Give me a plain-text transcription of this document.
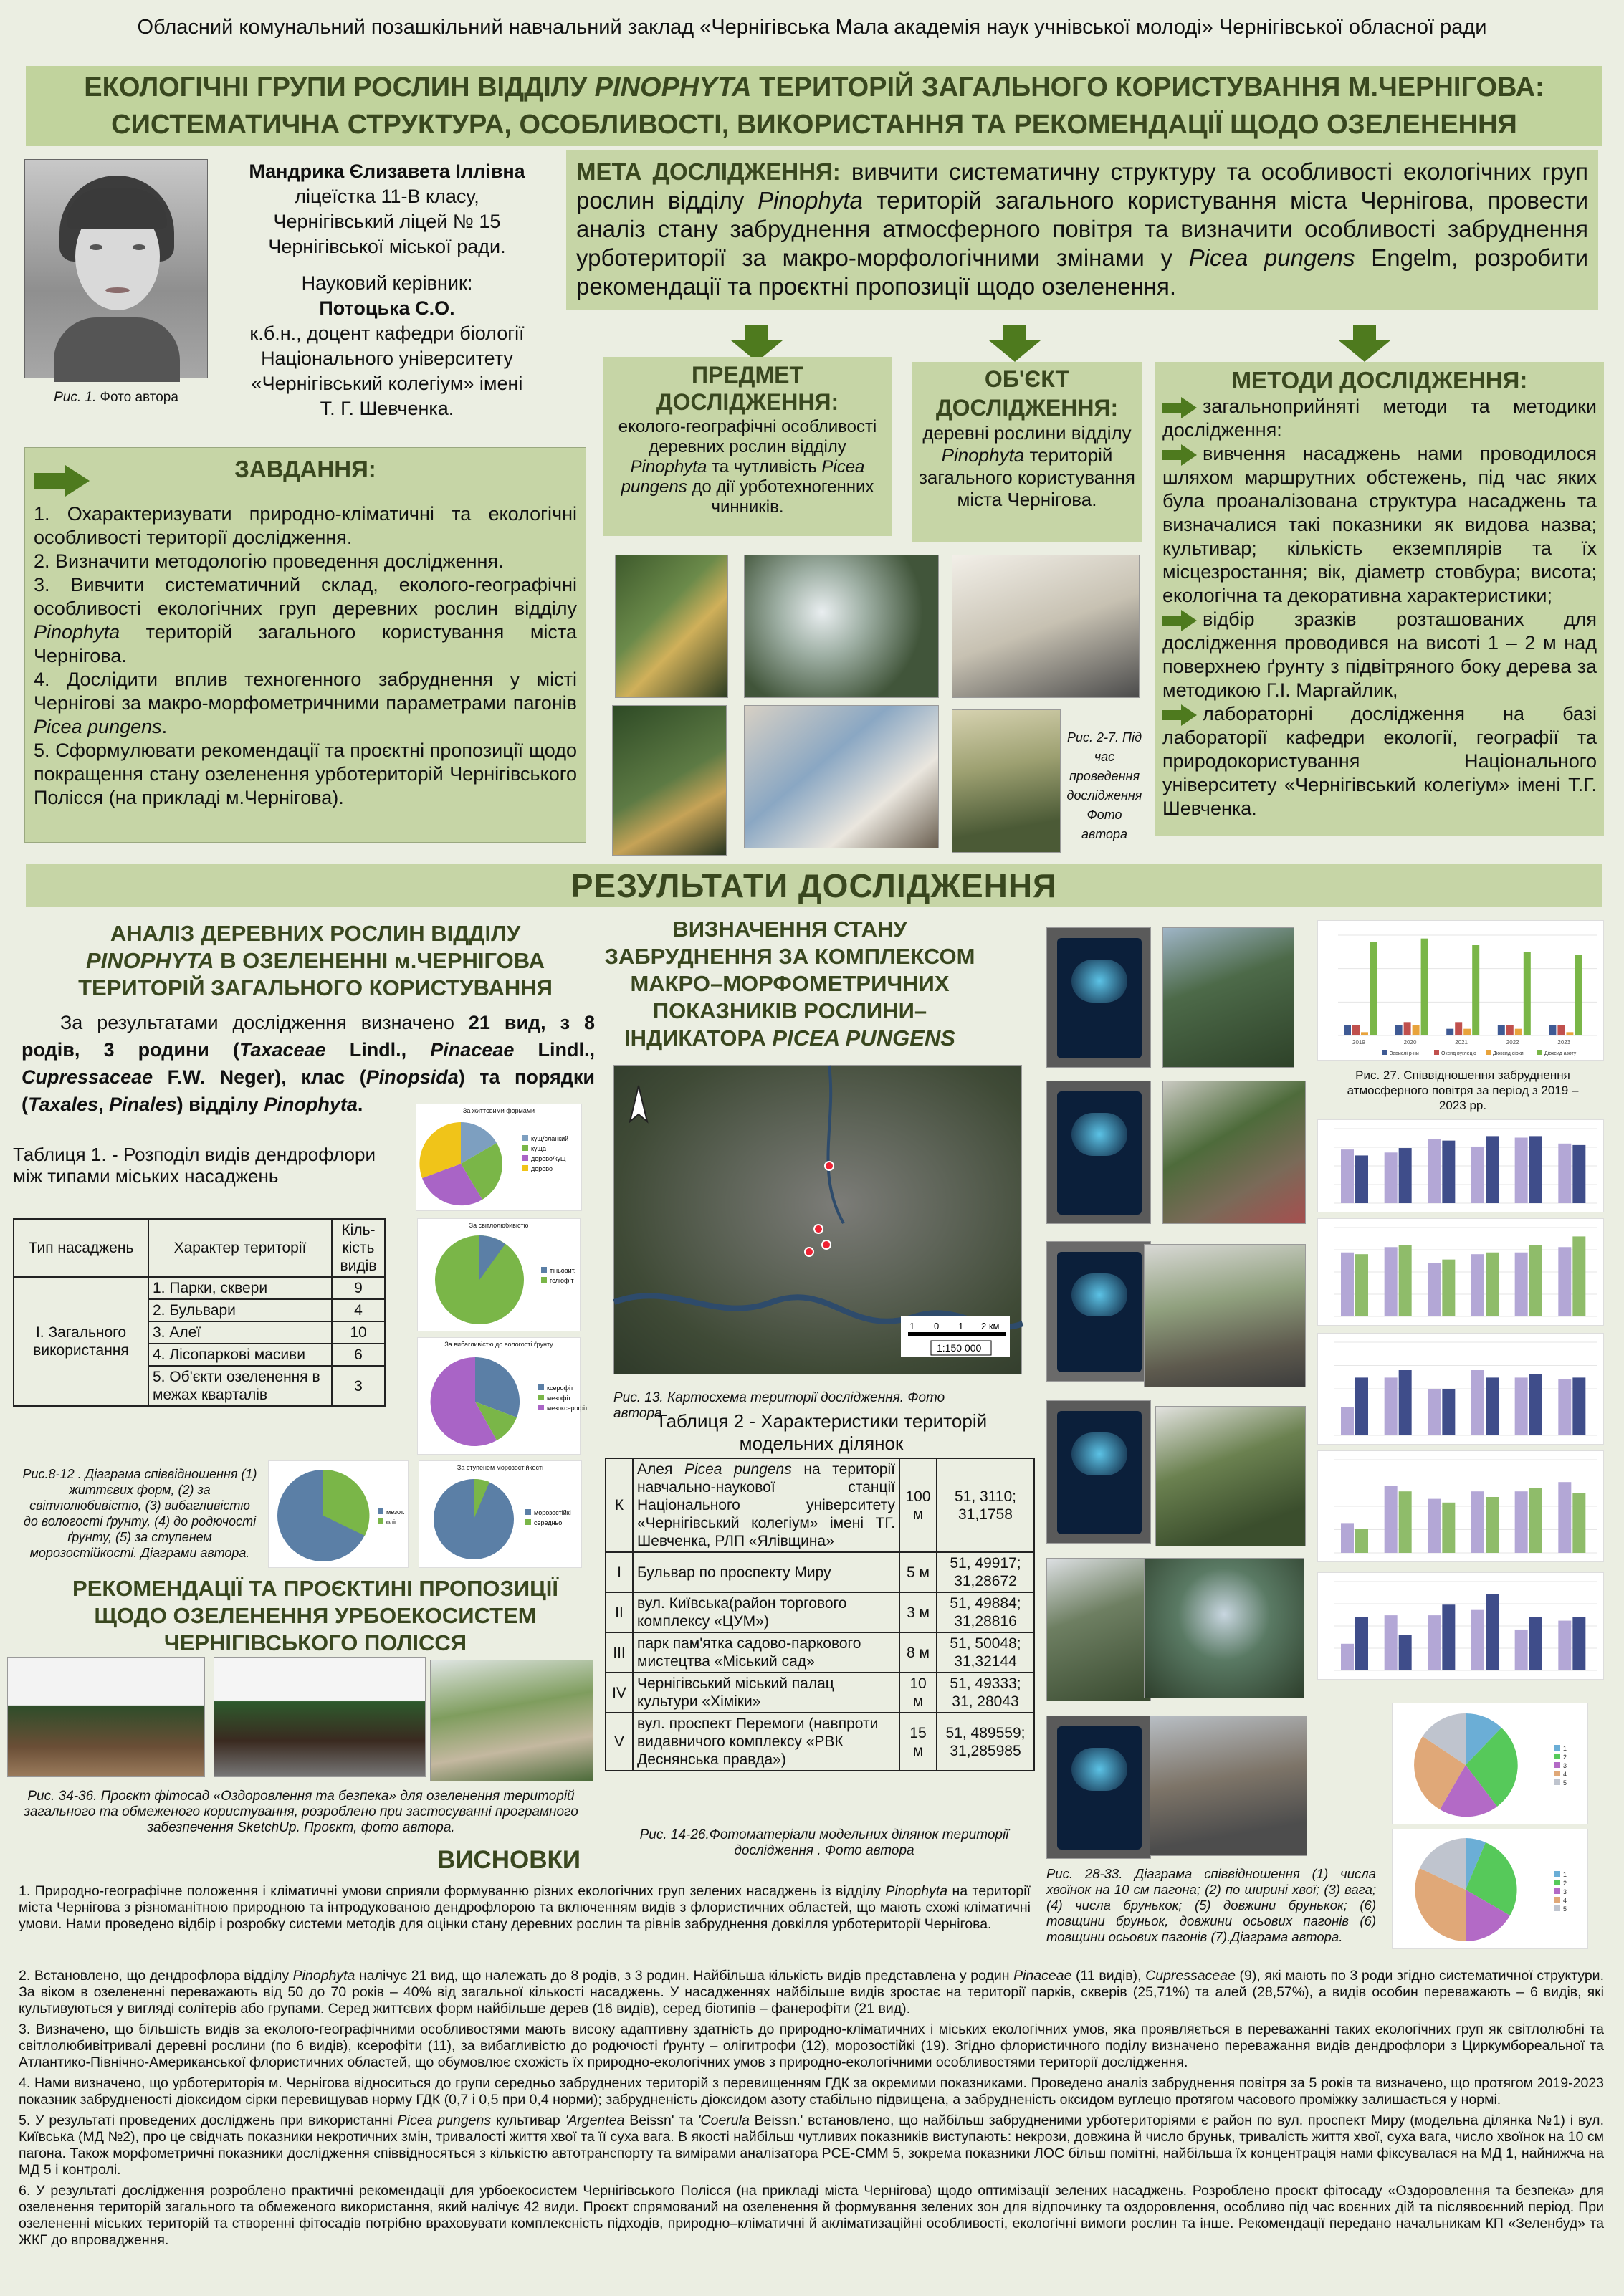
Обласний комунальний позашкільний навчальний заклад «Чернігівська Мала академія наук учнівської молоді» Чернігівської обласної ради
ЕКОЛОГІЧНІ ГРУПИ РОСЛИН ВІДДІЛУ PINOPHYTA ТЕРИТОРІЙ ЗАГАЛЬНОГО КОРИСТУВАННЯ М.ЧЕРНІГОВА:
СИСТЕМАТИЧНА СТРУКТУРА, ОСОБЛИВОСТІ, ВИКОРИСТАННЯ ТА РЕКОМЕНДАЦІЇ ЩОДО ОЗЕЛЕНЕННЯ
Рис. 1. Фото автора
Мандрика Єлизавета Іллівна
ліцеїстка 11-В класу,
Чернігівський ліцей № 15
Чернігівської міської ради.
Науковий керівник:
Потоцька С.О.
к.б.н., доцент кафедри біології
Національного університету
«Чернігівський колегіум» імені
Т. Г. Шевченка.
МЕТА ДОСЛІДЖЕННЯ: вивчити систематичну структуру та особливості екологічних груп рослин відділу Pinophyta територій загального користування міста Чернігова, провести аналіз стану забруднення атмосферного повітря та визначити особливості забруднення урботериторії за макро-морфологічними змінами у Picea pungens Engelm, розробити рекомендації та проєктні пропозиції щодо озеленення.
ПРЕДМЕТ ДОСЛІДЖЕННЯ:
еколого-географічні особливості деревних рослин відділу Pinophyta та чутливість Picea pungens до дії урботехногенних чинників.
ОБ'ЄКТ ДОСЛІДЖЕННЯ:
деревні рослини відділу Pinophyta територій загального користування міста Чернігова.
МЕТОДИ ДОСЛІДЖЕННЯ:
загальноприйняті методи та методики дослідження:
вивчення насаджень нами проводилося шляхом маршрутних обстежень, під час яких була проаналізована структура насаджень та визначалися такі показники як видова назва; культивар; кількість екземплярів та їх місцезростання; вік, діаметр стовбура; висота; екологічна та декоративна характеристики;
відбір зразків розташованих для дослідження проводився на висоті 1 – 2 м над поверхнею ґрунту з підвітряного боку дерева за методикою Г.І. Маргайлик,
лабораторні дослідження на базі лабораторії кафедри екології, географії та природокористування Національного університету «Чернігівський колегіум» імені Т.Г. Шевченка.
ЗАВДАННЯ:
1. Охарактеризувати природно-кліматичні та екологічні особливості території дослідження.
2. Визначити методологію проведення дослідження.
3. Вивчити систематичний склад, еколого-географічні особливості екологічних груп деревних рослин відділу Pinophyta територій загального користування міста Чернігова.
4. Дослідити вплив техногенного забруднення у місті Чернігові за макро-морфометричними параметрами пагонів Picea pungens.
5. Сформулювати рекомендації та проєктні пропозиції щодо покращення стану озеленення урботериторій Чернігівського Полісся (на прикладі м.Чернігова).
Рис. 2-7. Під час проведення дослідження Фото автора
РЕЗУЛЬТАТИ ДОСЛІДЖЕННЯ
АНАЛІЗ ДЕРЕВНИХ РОСЛИН ВІДДІЛУ
PINOPHYTA В ОЗЕЛЕНЕННІ м.ЧЕРНІГОВА
ТЕРИТОРІЙ ЗАГАЛЬНОГО КОРИСТУВАННЯ
За результатами дослідження визначено 21 вид, з 8 родів, 3 родини (Taxaceae Lindl., Pinaceae Lindl., Cupressaceae F.W. Neger), клас (Pinopsida) та порядки (Taxales, Pinales) відділу Pinophyta.
Таблиця 1. - Розподіл видів дендрофлори між типами міських насаджень
Тип насаджень	Характер території	Кіль-кість видів
І. Загального використання	1. Парки, сквери	9
	2. Бульвари	4
	3. Алеї	10
	4. Лісопаркові масиви	6
	5. Об'єкти озеленення в межах кварталів	3
За життєвими формами
кущ/сланкий
куща
дерево/кущ
дерево
За світлолюбивістю
тіньовит.
геліофіт
За вибагливістю до вологості ґрунту
ксерофіт
мезофіт
мезоксерофіт
Рис.8-12 . Діаграма співвідношення (1) життєвих форм, (2) за світлолюбивістю, (3) вибагливістю до вологості ґрунту, (4) до родючості ґрунту, (5) за ступенем морозостійкості. Діаграми автора.
мезот.
оліг.
За ступенем морозостійкості
морозостійкі
середньо
ВИЗНАЧЕННЯ СТАНУ
ЗАБРУДНЕННЯ ЗА КОМПЛЕКСОМ
МАКРО–МОРФОМЕТРИЧНИХ
ПОКАЗНИКІВ РОСЛИНИ–
ІНДИКАТОРА PICEA PUNGENS
1 0 1 2 км
1:150 000
Рис. 13. Картосхема території дослідження. Фото автора
Таблиця 2 - Характеристики територій модельних ділянок
К	Алея Picea pungens на території навчально-наукової станції Національного університету «Чернігівський колегіум» імені ТГ. Шевченка, РЛП «Ялівщина»	100 м	51, 3110; 31,1758
I	Бульвар по проспекту Миру	5 м	51, 49917; 31,28672
II	вул. Київська(район торгового комплексу «ЦУМ»)	3 м	51, 49884; 31,28816
III	парк пам'ятка садово-паркового мистецтва «Міський сад»	8 м	51, 50048; 31,32144
IV	Чернігівський міський палац культури «Хіміки»	10 м	51, 49333; 31, 28043
V	вул. проспект Перемоги (навпроти видавничого комплексу «РВК Деснянська правда»)	15 м	51, 489559; 31,285985
Рис. 14-26.Фотоматеріали модельних ділянок території дослідження . Фото автора
2019	2020	2021	2022	2023
Завислі р-ни	Оксид вуглецю	Діоксид сірки	Діоксид азоту
Рис. 27. Співвідношення забруднення атмосферного повітря за період з 2019 – 2023 рр.
1
2
3
4
5
1
2
3
4
5
Рис. 28-33. Діаграма співвідношення (1) числа хвоїнок на 10 см пагона; (2) по ширині хвої; (3) вага; (4) числа брунькок; (5) довжини брунькок; (6) товщини бруньок, довжини осьових пагонів (6) товщини осьових пагонів (7).Діаграма автора.
РЕКОМЕНДАЦІЇ ТА ПРОЄКТИНІ ПРОПОЗИЦІЇ
ЩОДО ОЗЕЛЕНЕННЯ УРБОЕКОСИСТЕМ
ЧЕРНІГІВСЬКОГО ПОЛІССЯ
Рис. 34-36. Проєкт фітосад «Оздоровлення та безпека» для озеленення територій загального та обмеженого користування, розроблено при застосуванні програмного забезпечення SketchUp. Проєкт, фото автора.
ВИСНОВКИ

1. Природно-географічне положення і кліматичні умови сприяли формуванню різних екологічних груп зелених насаджень із відділу Pinophyta на території міста Чернігова з різноманітною природною та інтродукованою дендрофлорою та включенням видів з флористичних областей, що мають схожі кліматичні умови. Нами проведено відбір і розробку системи методів для оцінки стану деревних рослин та рівнів забруднення довкілля урботериторії Чернігова.

2. Встановлено, що дендрофлора відділу Pinophyta налічує 21 вид, що належать до 8 родів, з 3 родин. Найбільша кількість видів представлена у родин Pinaceae (11 видів), Cupressaceae (9), які мають по 3 роди згідно систематичної структури. За віком в озелененні переважають від 50 до 70 років – 40% від загальної кількості насаджень. У насадженнях найбільше видів зростає на території парків, скверів (25,71%) та алей (28,57%), а видів особин переважають – 6 видів, які культивуються у вигляді солітерів або групами. Серед життєвих форм найбільше дерев (16 видів), серед біотипів – фанерофіти (21 вид).

3. Визначено, що більшість видів за еколого-географічними особливостями мають високу адаптивну здатність до природно-кліматичних і міських екологічних умов, яка проявляється в переважанні таких екологічних груп як світлолюбні та світлолюбивітривалі деревні рослини (по 6 видів), ксерофіти (11), за вибагливістю до родючості ґрунту – олігитрофи (12), морозостійкі (19). Згідно флористичного поділу визначено переважання видів дендрофлори з Циркумбореальної та Атлантико-Північно-Американської флористичних областей, що обумовлює схожість їх природно-екологічних умов з природно-екологічними особливостями території дослідження.

4. Нами визначено, що урботериторія м. Чернігова відноситься до групи середньо забруднених територій з перевищенням ГДК за окремими показниками. Проведено аналіз забруднення повітря за 5 років та визначено, що протягом 2019-2023 показник забрудненості діоксидом сірки перевищував норму ГДК (0,7 і 0,5 при 0,4 норми); забрудненість діоксидом азоту стабільно підвищена, а забрудненість оксидом вуглецю протягом часового проміжку залишається у нормі.

5. У результаті проведених досліджень при використанні Picea pungens культивар 'Argentea Beissn' та 'Coerula Beissn.' встановлено, що найбільш забрудненими урботериторіями є район по вул. проспект Миру (модельна ділянка №1) і вул. Київська (МД №2), про це свідчать показники некротичних змін, тривалості життя хвої та її суха вага. В якості найбільш чутливих показників виступають: некрози, довжина й число бруньк, тривалість життя хвої, суха вага, число хвоїнок на 10 см пагона. Також морфометричні показники дослідження співвідносяться з кількістю автотранспорту та вимірами аналізатора PCE-CMM 5, зокрема показники ЛОС більш помітні, найбільша їх концентрація нами фіксувалася на МД 1, найнижча на МД 5 і контролі.

6. У результаті дослідження розроблено практичні рекомендації для урбоекосистем Чернігівського Полісся (на прикладі міста Чернігова) щодо оптимізації зелених насаджень. Розроблено проєкт фітосаду «Оздоровлення та безпека» для озеленення територій загального та обмеженого використання, який налічує 42 види. Проєкт спрямований на озеленення й формування зелених зон для відпочинку та оздоровлення, особливо під час воєнних дій та післявоєнний період. При озелененні міських територій та створенні фітосадів потрібно враховувати комплексність підходів, природно–кліматичні й акліматизаційні особливості, екологічні вимоги рослин та інше. Рекомендації передано начальникам КП «Зеленбуд» та ЖКГ до впровадження.
